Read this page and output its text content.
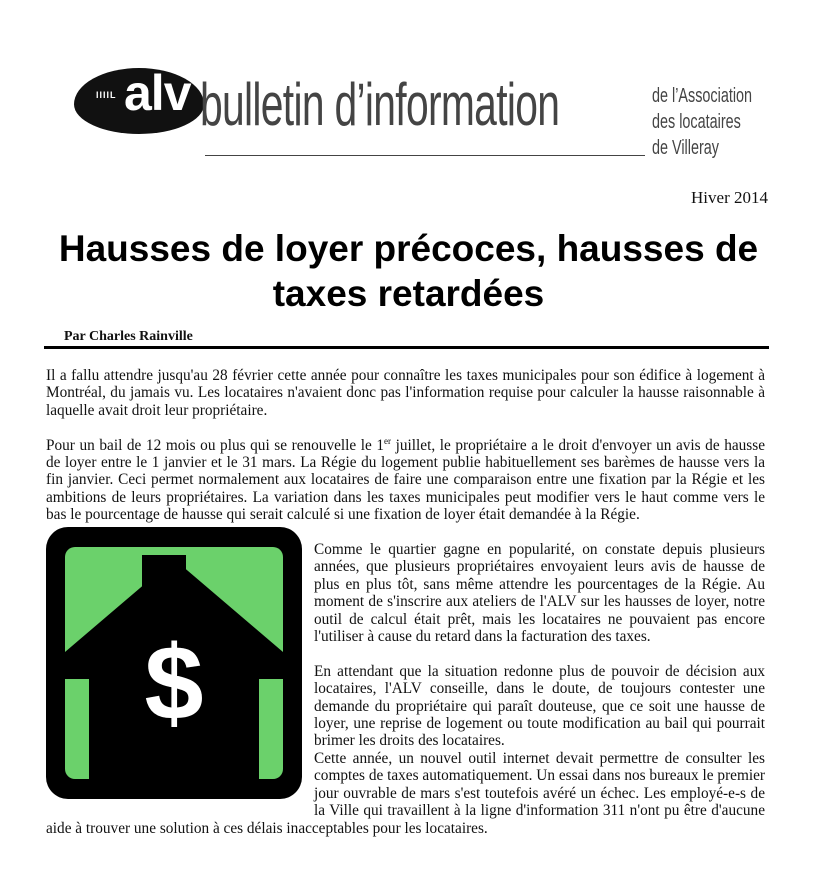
IIIIL alv bulletin d’information	de l’Association
des locataires
de Villeray
Hiver 2014
Hausses de loyer précoces, hausses de taxes retardées
Par Charles Rainville

Il a fallu attendre jusqu'au 28 février cette année pour connaître les taxes municipales pour son édifice à logement à Montréal, du jamais vu. Les locataires n'avaient donc pas l'information requise pour calculer la hausse raisonnable à laquelle avait droit leur propriétaire.

Pour un bail de 12 mois ou plus qui se renouvelle le 1er juillet, le propriétaire a le droit d'envoyer un avis de hausse de loyer entre le 1 janvier et le 31 mars. La Régie du logement publie habituellement ses barèmes de hausse vers la fin janvier. Ceci permet normalement aux locataires de faire une comparaison entre une fixation par la Régie et les ambitions de leurs propriétaires. La variation dans les taxes municipales peut modifier vers le haut comme vers le bas le pourcentage de hausse qui serait calculé si une fixation de loyer était demandée à la Régie.
$

Comme le quartier gagne en popularité, on constate depuis plusieurs années, que plusieurs propriétaires envoyaient leurs avis de hausse de plus en plus tôt, sans même attendre les pourcentages de la Régie. Au moment de s'inscrire aux ateliers de l'ALV sur les hausses de loyer, notre outil de calcul était prêt, mais les locataires ne pouvaient pas encore l'utiliser à cause du retard dans la facturation des taxes.

En attendant que la situation redonne plus de pouvoir de décision aux locataires, l'ALV conseille, dans le doute, de toujours contester une demande du propriétaire qui paraît douteuse, que ce soit une hausse de loyer, une reprise de logement ou toute modification au bail qui pourrait brimer les droits des locataires.

Cette année, un nouvel outil internet devait permettre de consulter les comptes de taxes automatiquement. Un essai dans nos bureaux le premier jour ouvrable de mars s'est toutefois avéré un échec. Les employé-e-s de la Ville qui travaillent à la ligne d'information 311 n'ont pu être d'aucune aide à trouver une solution à ces délais inacceptables pour les locataires.
